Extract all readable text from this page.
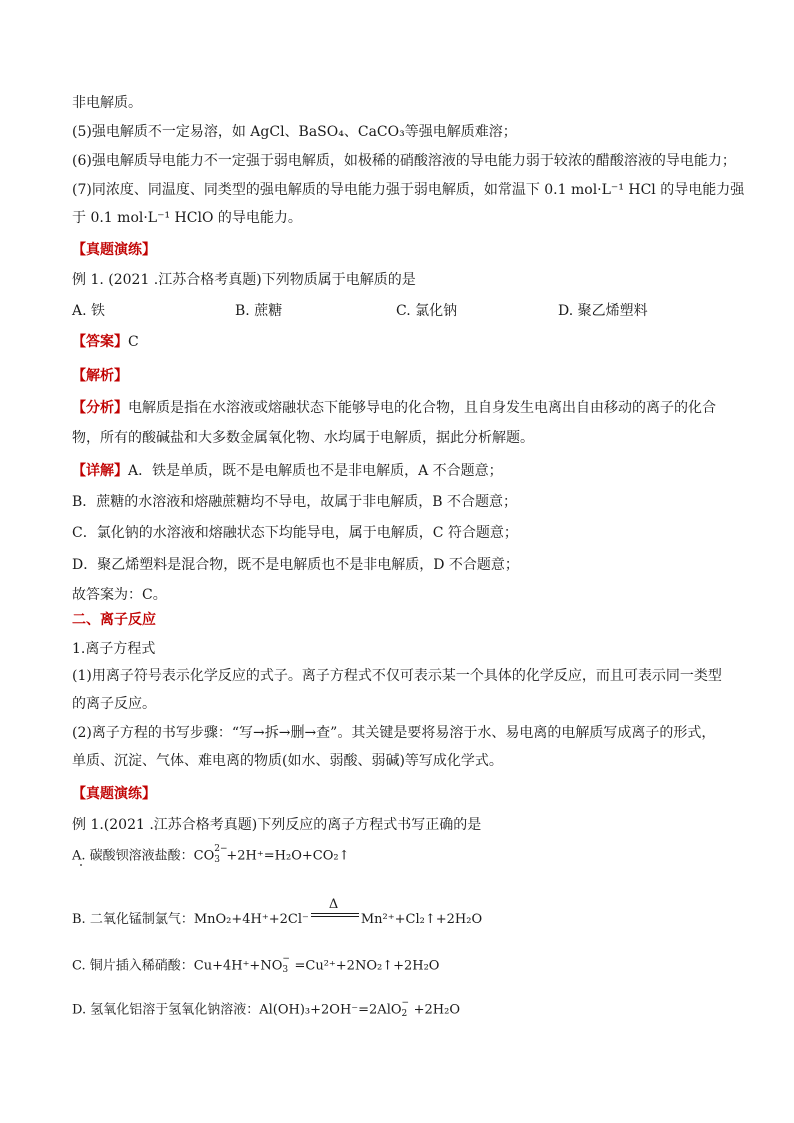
非电解质。
(5)强电解质不一定易溶，如 AgCl、BaSO₄、CaCO₃等强电解质难溶；
(6)强电解质导电能力不一定强于弱电解质，如极稀的硝酸溶液的导电能力弱于较浓的醋酸溶液的导电能力；
(7)同浓度、同温度、同类型的强电解质的导电能力强于弱电解质，如常温下 0.1 mol·L⁻¹ HCl 的导电能力强
于 0.1 mol·L⁻¹ HClO 的导电能力。
【真题演练】
例 1. (2021 .江苏合格考真题)下列物质属于电解质的是
A. 铁	B. 蔗糖	C. 氯化钠	D. 聚乙烯塑料
【答案】C
【解析】
【分析】电解质是指在水溶液或熔融状态下能够导电的化合物，且自身发生电离出自由移动的离子的化合
物，所有的酸碱盐和大多数金属氧化物、水均属于电解质，据此分析解题。
【详解】A．铁是单质，既不是电解质也不是非电解质，A 不合题意；
B．蔗糖的水溶液和熔融蔗糖均不导电，故属于非电解质，B 不合题意；
C．氯化钠的水溶液和熔融状态下均能导电，属于电解质，C 符合题意；
D．聚乙烯塑料是混合物，既不是电解质也不是非电解质，D 不合题意；
故答案为：C。
二、离子反应
1.离子方程式
(1)用离子符号表示化学反应的式子。离子方程式不仅可表示某一个具体的化学反应，而且可表示同一类型
的离子反应。
(2)离子方程的书写步骤：“写→拆→删→查”。其关键是要将易溶于水、易电离的电解质写成离子的形式，
单质、沉淀、气体、难电离的物质(如水、弱酸、弱碱)等写成化学式。
【真题演练】
例 1.(2021 .江苏合格考真题)下列反应的离子方程式书写正确的是
A. 碳酸钡溶液盐酸：CO 2−
3 +2H⁺=H₂O+CO₂↑
B. 二氧化锰制氯气：MnO₂+4H⁺+2Cl⁻
Δ
Mn²⁺+Cl₂↑+2H₂O
C. 铜片插入稀硝酸：Cu+4H⁺+NO −
3 =Cu²⁺+2NO₂↑+2H₂O
D. 氢氧化铝溶于氢氧化钠溶液：Al(OH)₃+2OH⁻=2AlO −
2 +2H₂O
